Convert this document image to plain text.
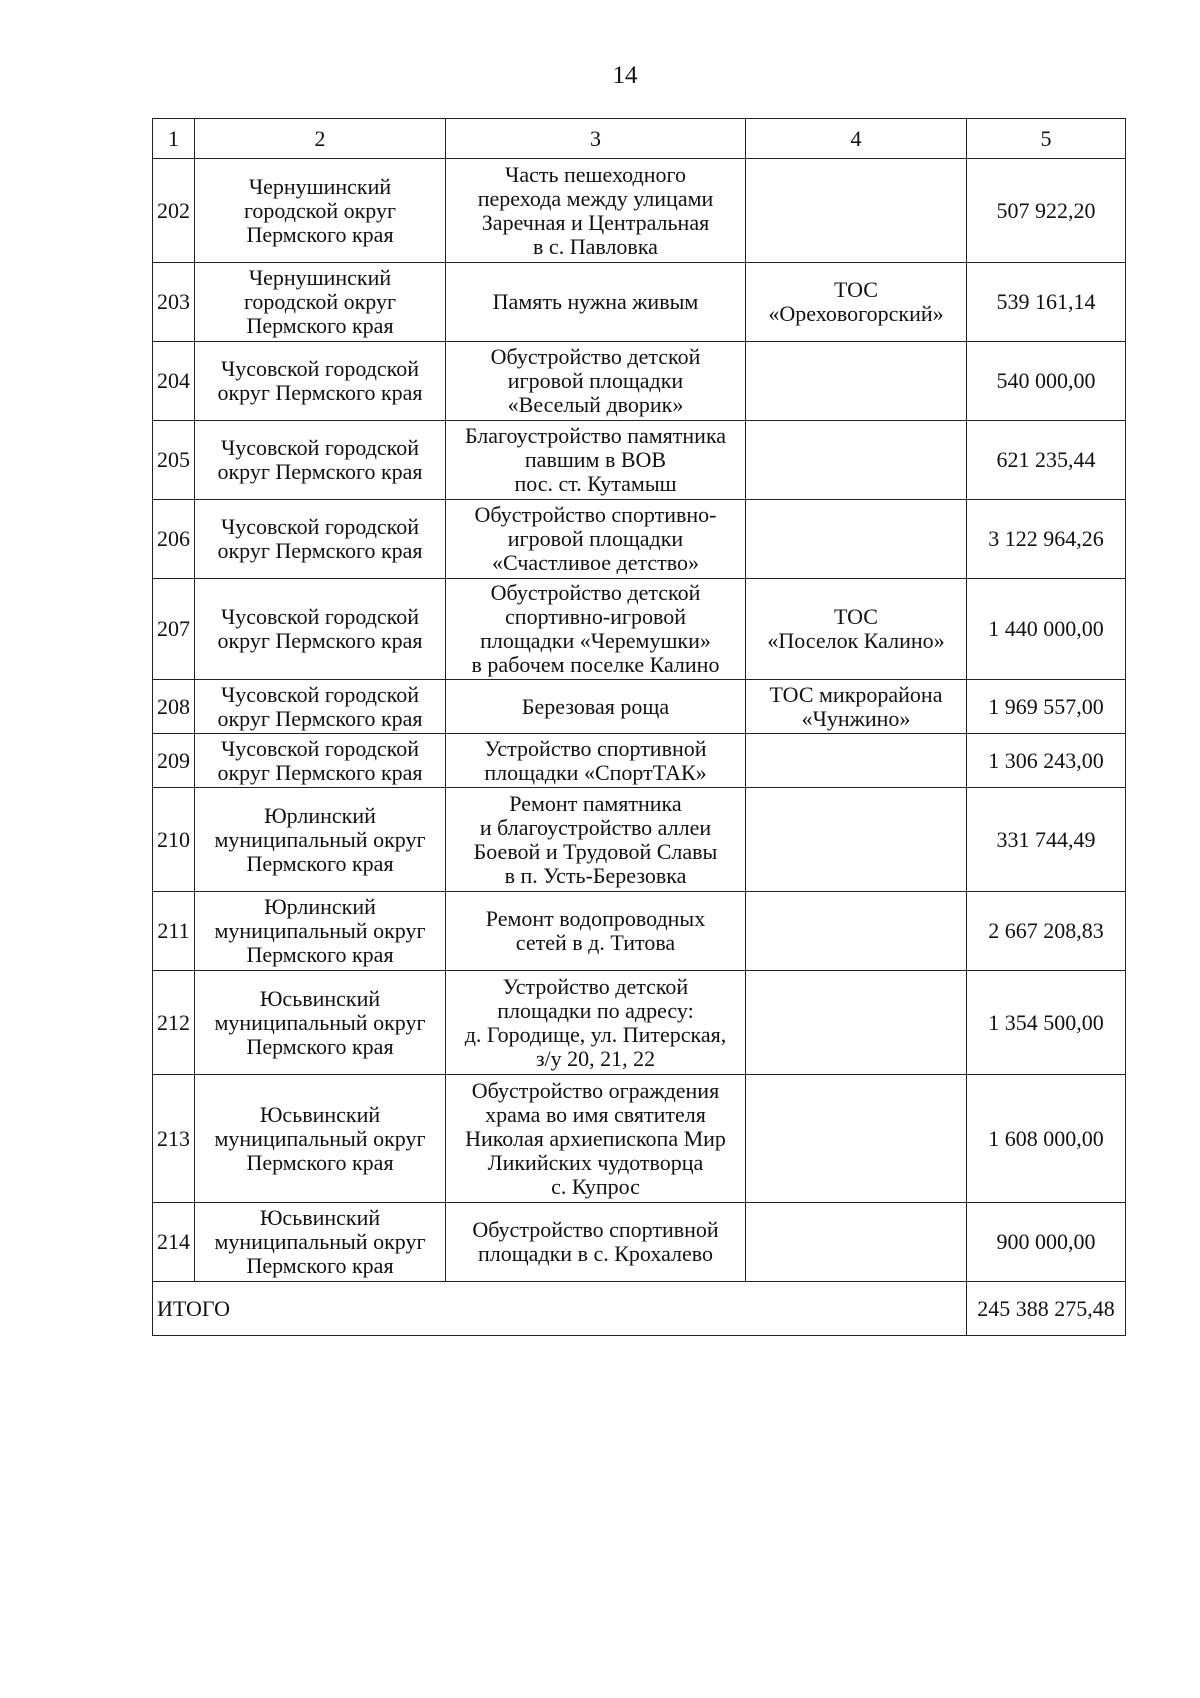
14
1	2	3	4	5
202	Чернушинский
городской округ
Пермского края	Часть пешеходного
перехода между улицами
Заречная и Центральная
в с. Павловка		507 922,20
203	Чернушинский
городской округ
Пермского края	Память нужна живым	ТОС
«Ореховогорский»	539 161,14
204	Чусовской городской
округ Пермского края	Обустройство детской
игровой площадки
«Веселый дворик»		540 000,00
205	Чусовской городской
округ Пермского края	Благоустройство памятника
павшим в ВОВ
пос. ст. Кутамыш		621 235,44
206	Чусовской городской
округ Пермского края	Обустройство спортивно-
игровой площадки
«Счастливое детство»		3 122 964,26
207	Чусовской городской
округ Пермского края	Обустройство детской
спортивно-игровой
площадки «Черемушки»
в рабочем поселке Калино	ТОС
«Поселок Калино»	1 440 000,00
208	Чусовской городской
округ Пермского края	Березовая роща	ТОС микрорайона
«Чунжино»	1 969 557,00
209	Чусовской городской
округ Пермского края	Устройство спортивной
площадки «СпортТАК»		1 306 243,00
210	Юрлинский
муниципальный округ
Пермского края	Ремонт памятника
и благоустройство аллеи
Боевой и Трудовой Славы
в п. Усть-Березовка		331 744,49
211	Юрлинский
муниципальный округ
Пермского края	Ремонт водопроводных
сетей в д. Титова		2 667 208,83
212	Юсьвинский
муниципальный округ
Пермского края	Устройство детской
площадки по адресу:
д. Городище, ул. Питерская,
з/у 20, 21, 22		1 354 500,00
213	Юсьвинский
муниципальный округ
Пермского края	Обустройство ограждения
храма во имя святителя
Николая архиепископа Мир
Ликийских чудотворца
с. Купрос		1 608 000,00
214	Юсьвинский
муниципальный округ
Пермского края	Обустройство спортивной
площадки в с. Крохалево		900 000,00
ИТОГО				245 388 275,48
